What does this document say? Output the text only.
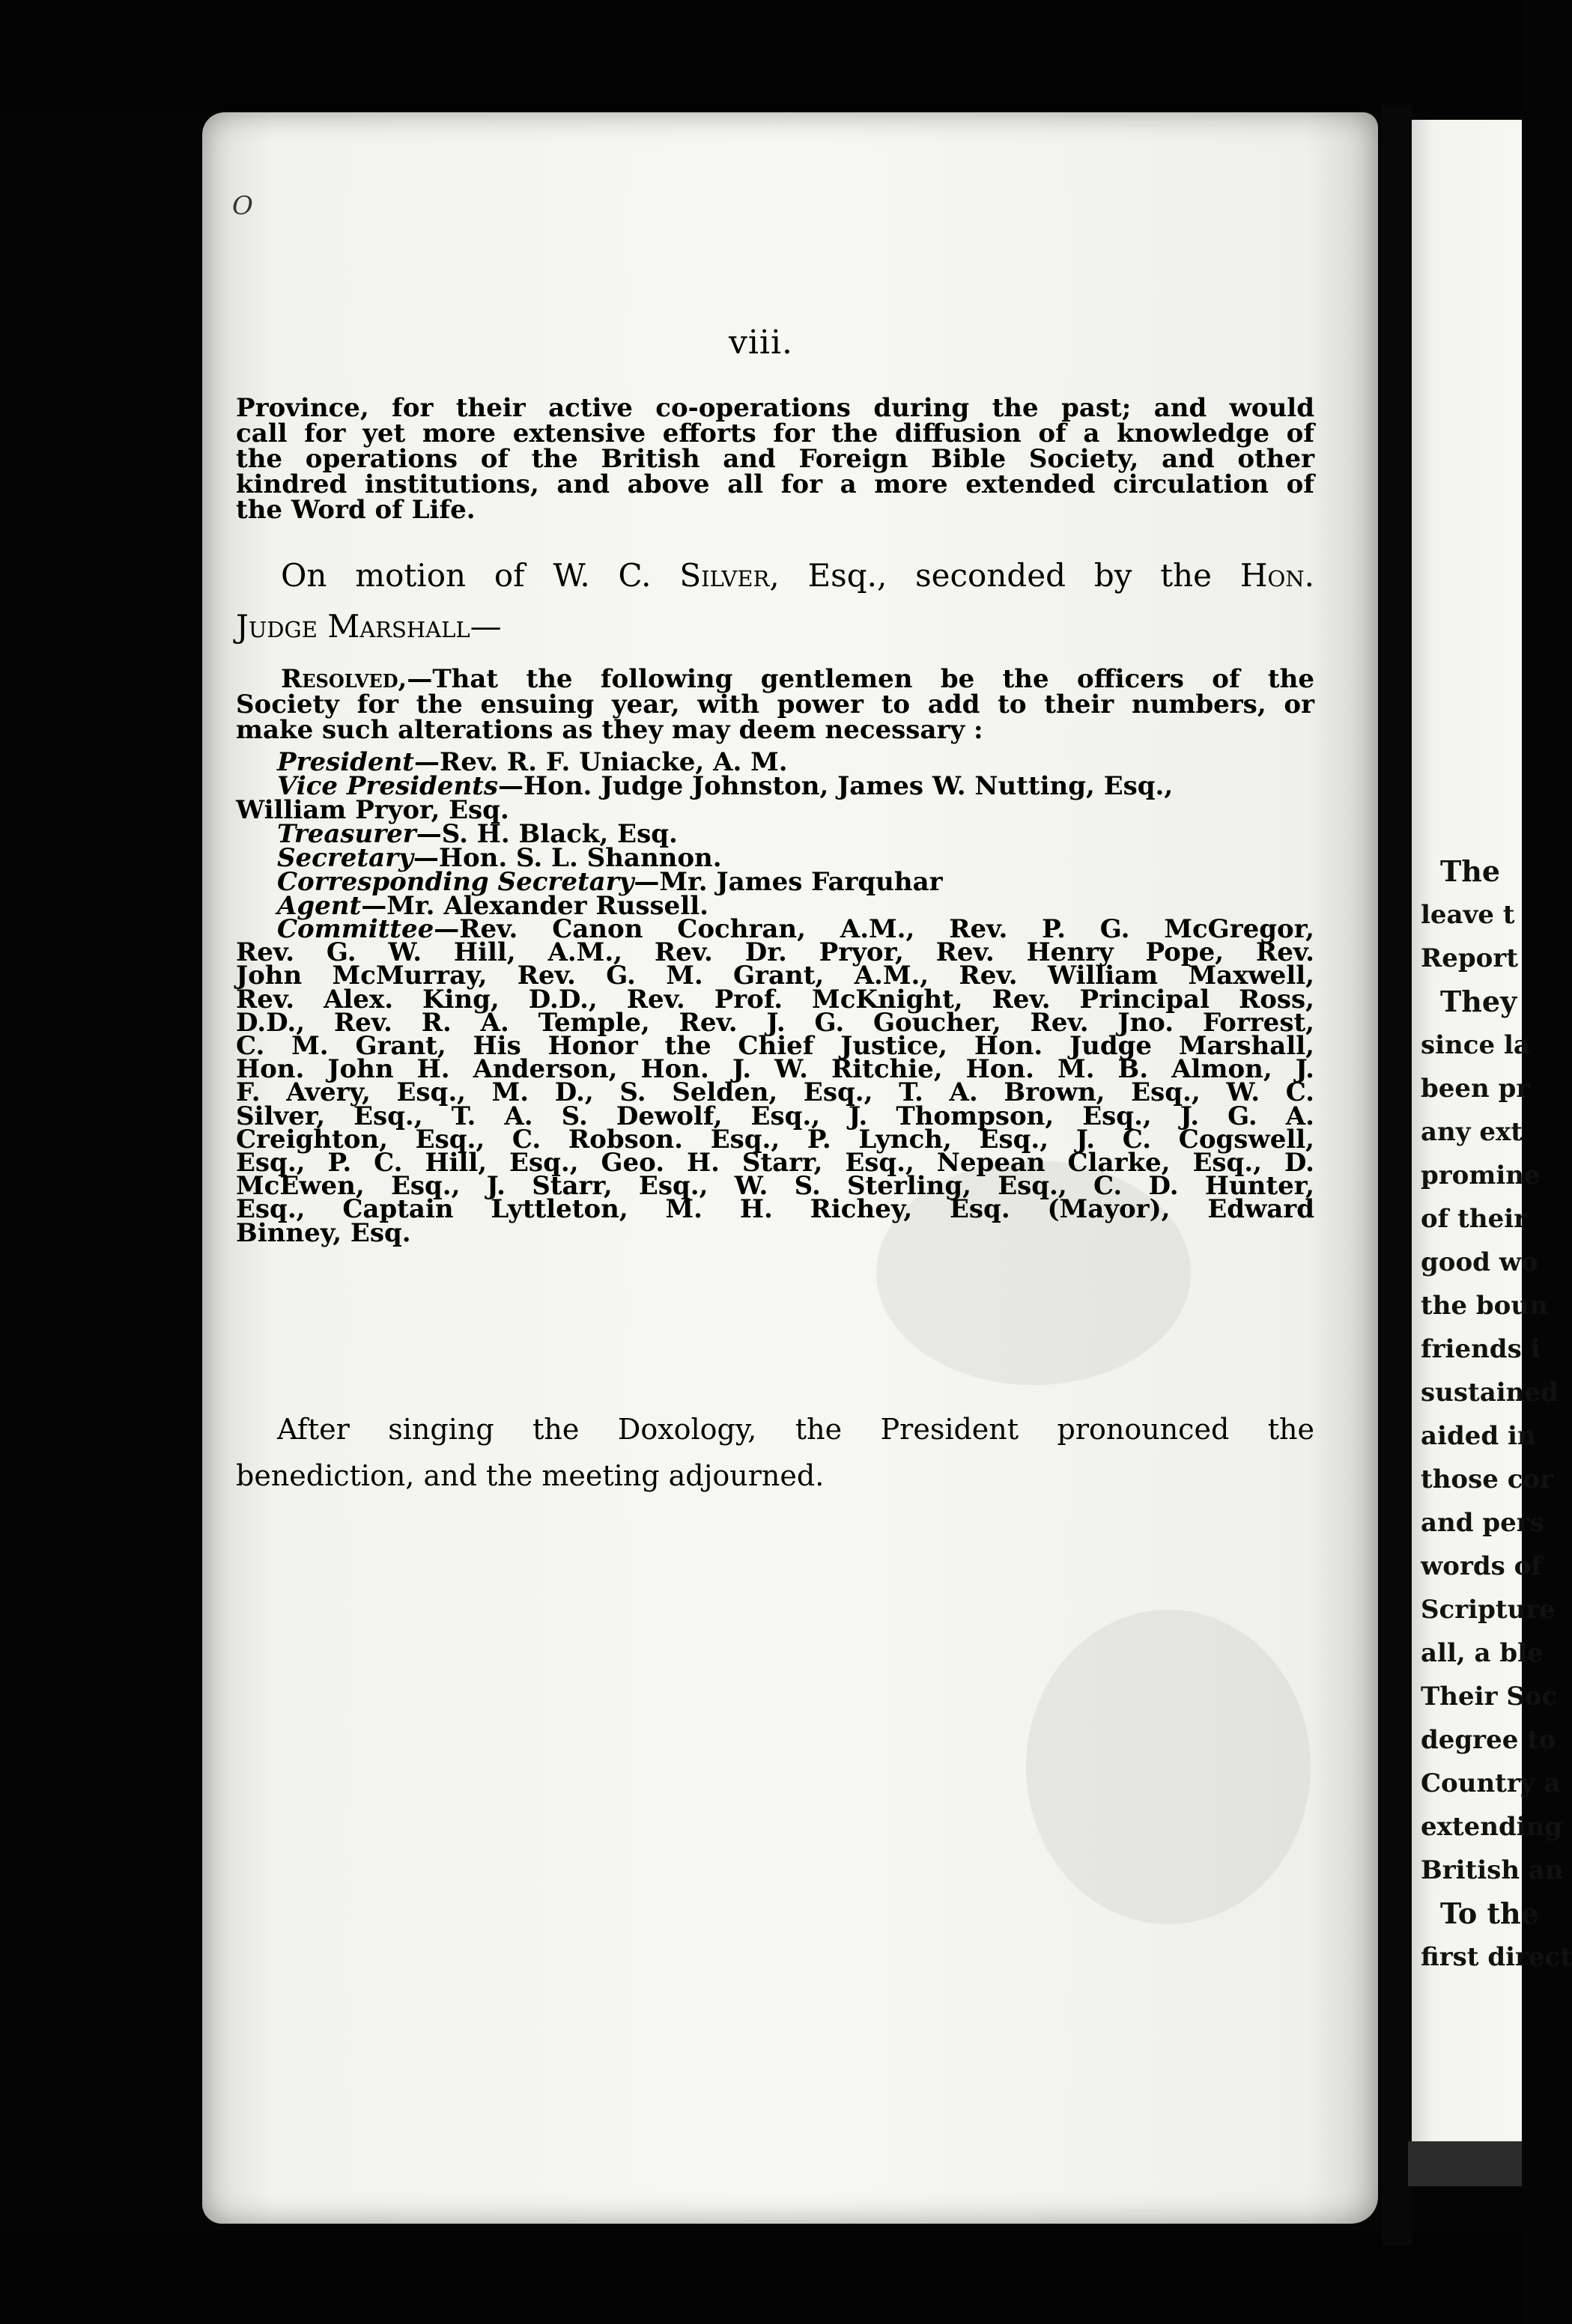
The
leave t
Report
They
since la
been pr
any ext
promine
of their
good wo
the boun
friends i
sustained
aided in
those cor
and pers
words of
Scripture
all, a ble
Their Soc
degree to
Country a
extending
British an
To the
first direct
O
viii.
Province, for their active co-operations during the past; and would
call for yet more extensive efforts for the diffusion of a knowledge of
the operations of the British and Foreign Bible Society, and other
kindred institutions, and above all for a more extended circulation of
the Word of Life.
On motion of W. C. Silver, Esq., seconded by the Hon.
Judge Marshall—
Resolved,—That the following gentlemen be the officers of the
Society for the ensuing year, with power to add to their numbers, or
make such alterations as they may deem necessary :
President—Rev. R. F. Uniacke, A. M.
Vice Presidents—Hon. Judge Johnston, James W. Nutting, Esq.,
William Pryor, Esq.
Treasurer—S. H. Black, Esq.
Secretary—Hon. S. L. Shannon.
Corresponding Secretary—Mr. James Farquhar
Agent—Mr. Alexander Russell.
Committee—Rev. Canon Cochran, A.M., Rev. P. G. McGregor,
Rev. G. W. Hill, A.M., Rev. Dr. Pryor, Rev. Henry Pope, Rev.
John McMurray, Rev. G. M. Grant, A.M., Rev. William Maxwell,
Rev. Alex. King, D.D., Rev. Prof. McKnight, Rev. Principal Ross,
D.D., Rev. R. A. Temple, Rev. J. G. Goucher, Rev. Jno. Forrest,
C. M. Grant, His Honor the Chief Justice, Hon. Judge Marshall,
Hon. John H. Anderson, Hon. J. W. Ritchie, Hon. M. B. Almon, J.
F. Avery, Esq., M. D., S. Selden, Esq., T. A. Brown, Esq., W. C.
Silver, Esq., T. A. S. Dewolf, Esq., J. Thompson, Esq., J. G. A.
Creighton, Esq., C. Robson. Esq., P. Lynch, Esq., J. C. Cogswell,
Esq., P. C. Hill, Esq., Geo. H. Starr, Esq., Nepean Clarke, Esq., D.
McEwen, Esq., J. Starr, Esq., W. S. Sterling, Esq., C. D. Hunter,
Esq., Captain Lyttleton, M. H. Richey, Esq. (Mayor), Edward
Binney, Esq.
After singing the Doxology, the President pronounced the
benediction, and the meeting adjourned.
